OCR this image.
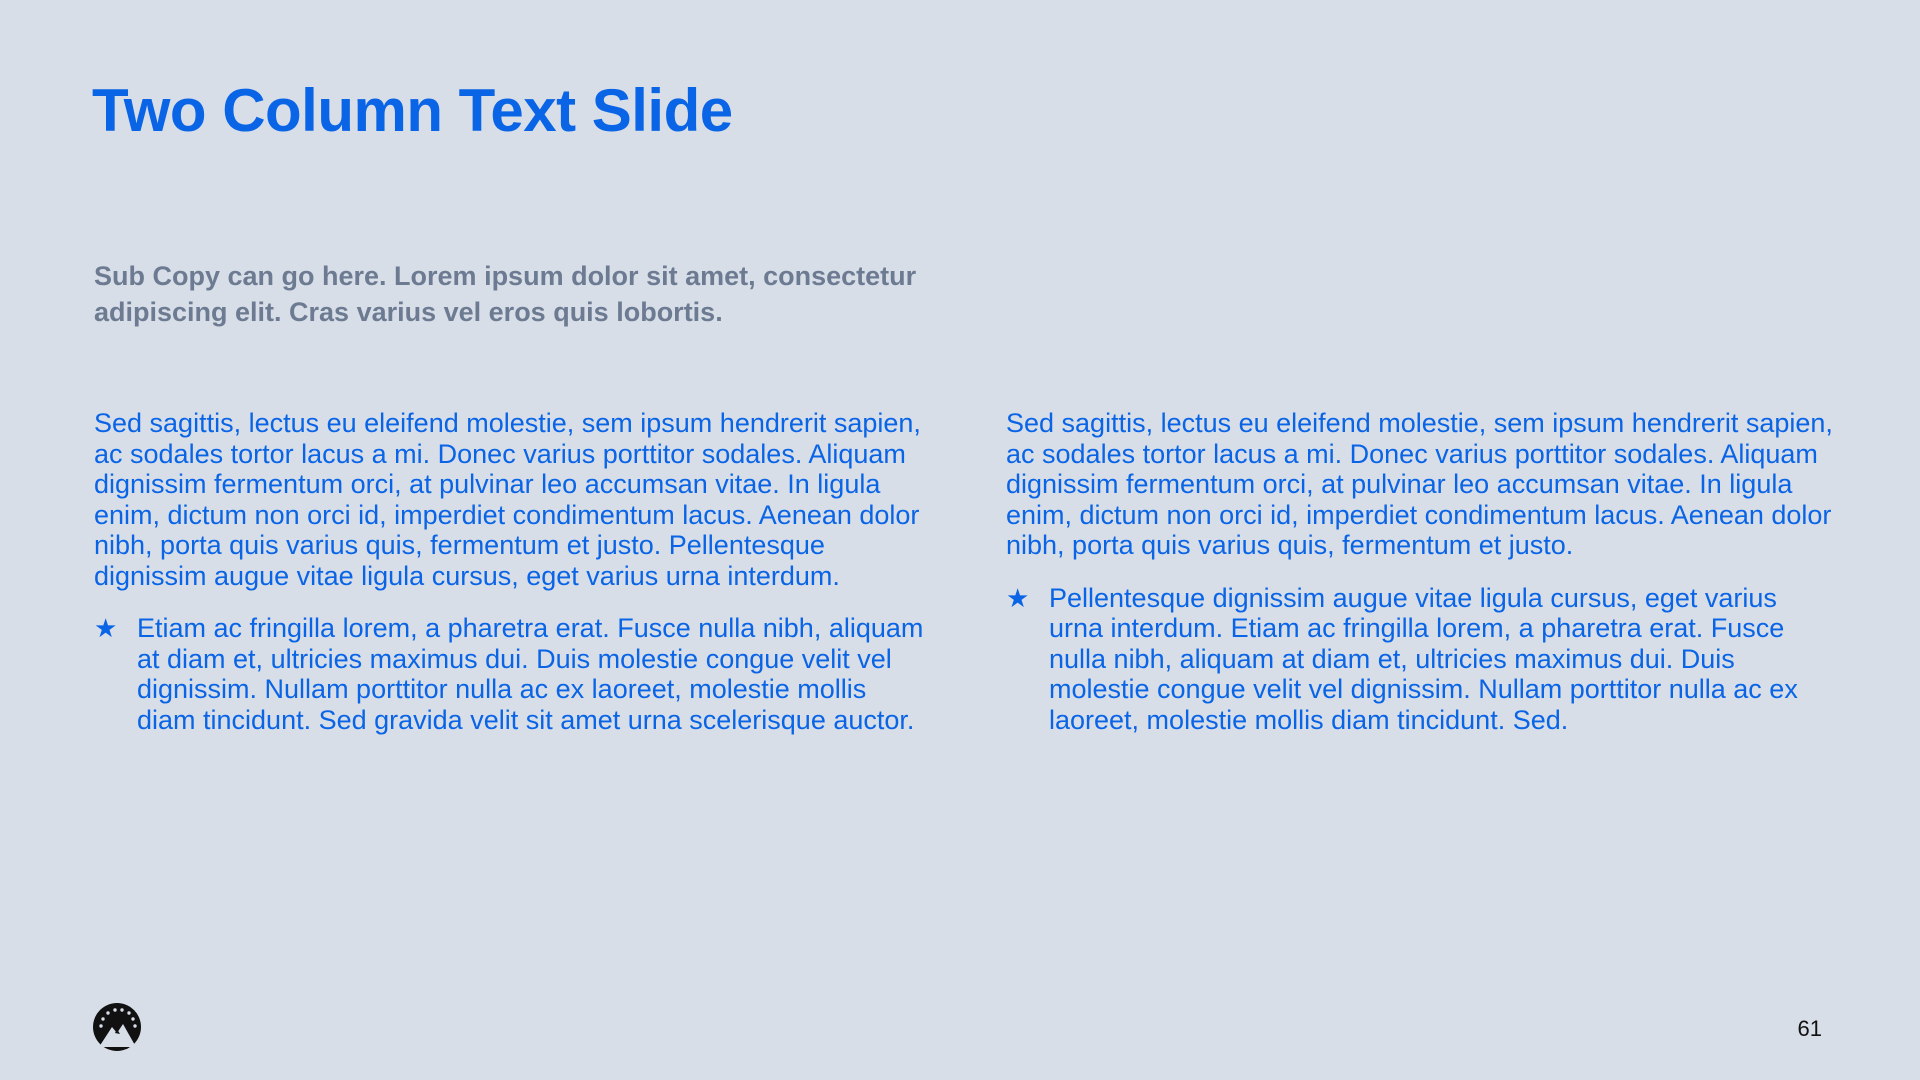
Two Column Text Slide

Sub Copy can go here. Lorem ipsum dolor sit amet, consectetur adipiscing elit. Cras varius vel eros quis lobortis.

Sed sagittis, lectus eu eleifend molestie, sem ipsum hendrerit sapien, ac sodales tortor lacus a mi. Donec varius porttitor sodales. Aliquam dignissim fermentum orci, at pulvinar leo accumsan vitae. In ligula enim, dictum non orci id, imperdiet condimentum lacus. Aenean dolor nibh, porta quis varius quis, fermentum et justo. Pellentesque dignissim augue vitae ligula cursus, eget varius urna interdum.

★ Etiam ac fringilla lorem, a pharetra erat. Fusce nulla nibh, aliquam at diam et, ultricies maximus dui. Duis molestie congue velit vel dignissim. Nullam porttitor nulla ac ex laoreet, molestie mollis diam tincidunt. Sed gravida velit sit amet urna scelerisque auctor.

Sed sagittis, lectus eu eleifend molestie, sem ipsum hendrerit sapien, ac sodales tortor lacus a mi. Donec varius porttitor sodales. Aliquam dignissim fermentum orci, at pulvinar leo accumsan vitae. In ligula enim, dictum non orci id, imperdiet condimentum lacus. Aenean dolor nibh, porta quis varius quis, fermentum et justo.

★ Pellentesque dignissim augue vitae ligula cursus, eget varius urna interdum. Etiam ac fringilla lorem, a pharetra erat. Fusce nulla nibh, aliquam at diam et, ultricies maximus dui. Duis molestie congue velit vel dignissim. Nullam porttitor nulla ac ex laoreet, molestie mollis diam tincidunt. Sed.
61
